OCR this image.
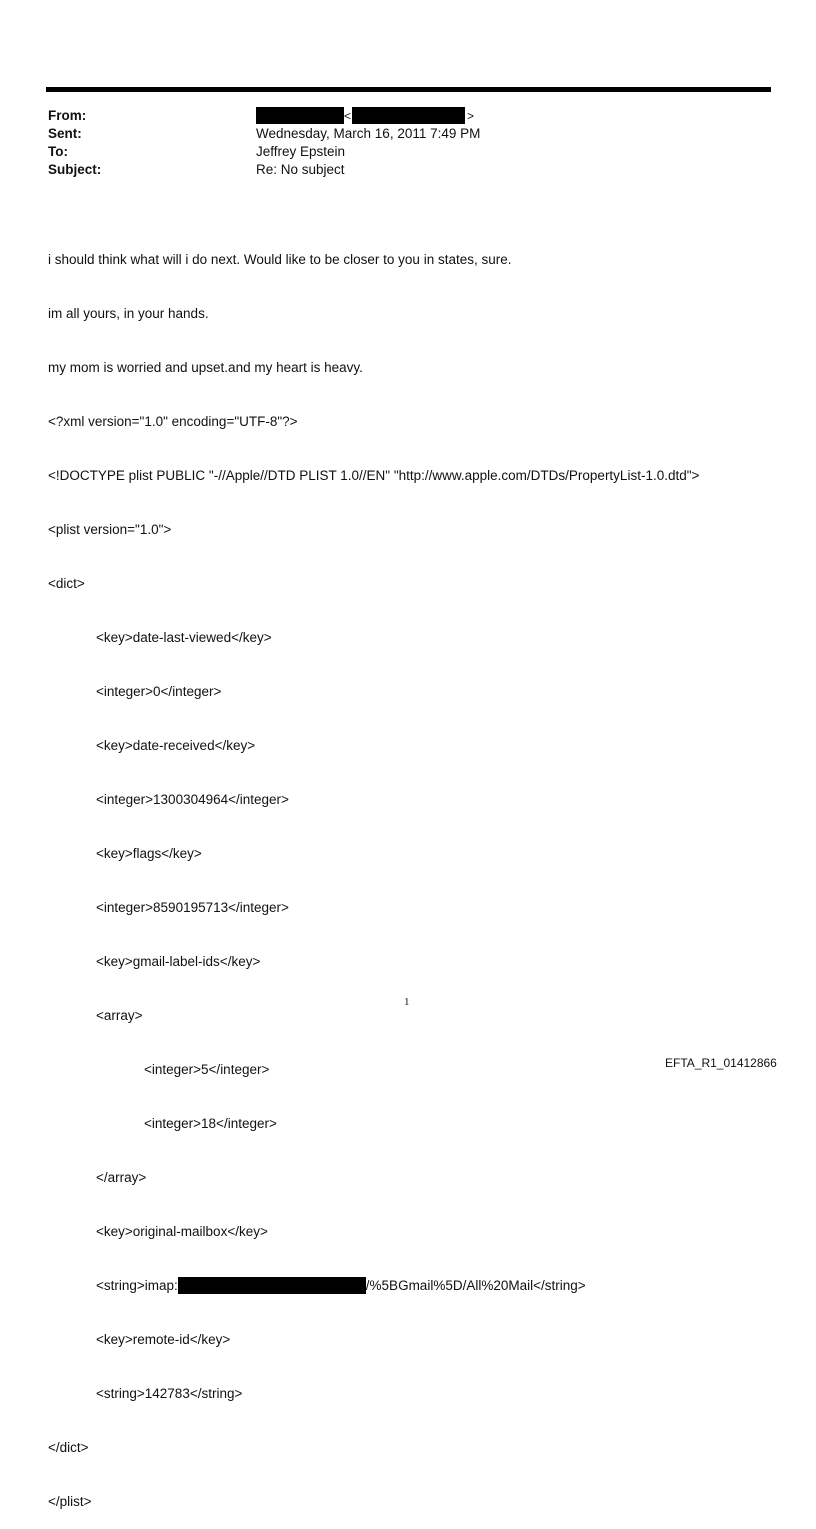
From:	<	>
Sent:	Wednesday, March 16, 2011 7:49 PM
To:	Jeffrey Epstein
Subject:	Re: No subject

i should think what will i do next. Would like to be closer to you in states, sure.

im all yours, in your hands.

my mom is worried and upset.and my heart is heavy.

<?xml version="1.0" encoding="UTF-8"?>

<!DOCTYPE plist PUBLIC "-//Apple//DTD PLIST 1.0//EN" "http://www.apple.com/DTDs/PropertyList-1.0.dtd">

<plist version="1.0">

<dict>

<key>date-last-viewed</key>

<integer>0</integer>

<key>date-received</key>

<integer>1300304964</integer>

<key>flags</key>

<integer>8590195713</integer>

<key>gmail-label-ids</key>

<array>

<integer>5</integer>

<integer>18</integer>

</array>

<key>original-mailbox</key>

<string>imap:	/%5BGmail%5D/All%20Mail</string>

<key>remote-id</key>

<string>142783</string>

</dict>

</plist>

1
EFTA_R1_01412866
